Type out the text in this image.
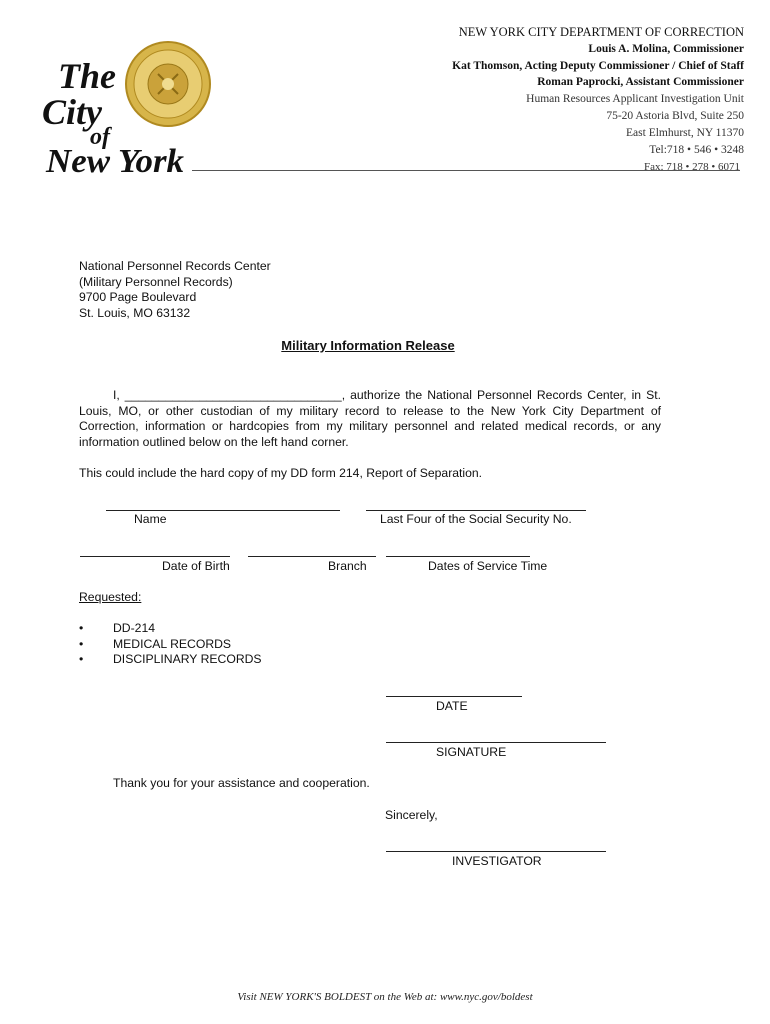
The
City
of
New York
NEW YORK CITY DEPARTMENT OF CORRECTION
Louis A. Molina, Commissioner
Kat Thomson, Acting Deputy Commissioner / Chief of Staff
Roman Paprocki, Assistant Commissioner
Human Resources Applicant Investigation Unit
75-20 Astoria Blvd, Suite 250
East Elmhurst, NY 11370
Tel:718 • 546 • 3248
Fax: 718 • 278 • 6071
National Personnel Records Center
(Military Personnel Records)
9700 Page Boulevard
St. Louis, MO 63132
Military Information Release
I, ________________________________, authorize the National Personnel Records Center, in St. Louis, MO, or other custodian of my military record to release to the New York City Department of Correction, information or hardcopies from my military personnel and related medical records, or any information outlined below on the left hand corner.
This could include the hard copy of my DD form 214, Report of Separation.
Name	Last Four of the Social Security No.
Date of Birth	Branch	Dates of Service Time
Requested:
• DD-214
• MEDICAL RECORDS
• DISCIPLINARY RECORDS
DATE
SIGNATURE
Thank you for your assistance and cooperation.
Sincerely,
INVESTIGATOR
Visit NEW YORK'S BOLDEST on the Web at: www.nyc.gov/boldest
